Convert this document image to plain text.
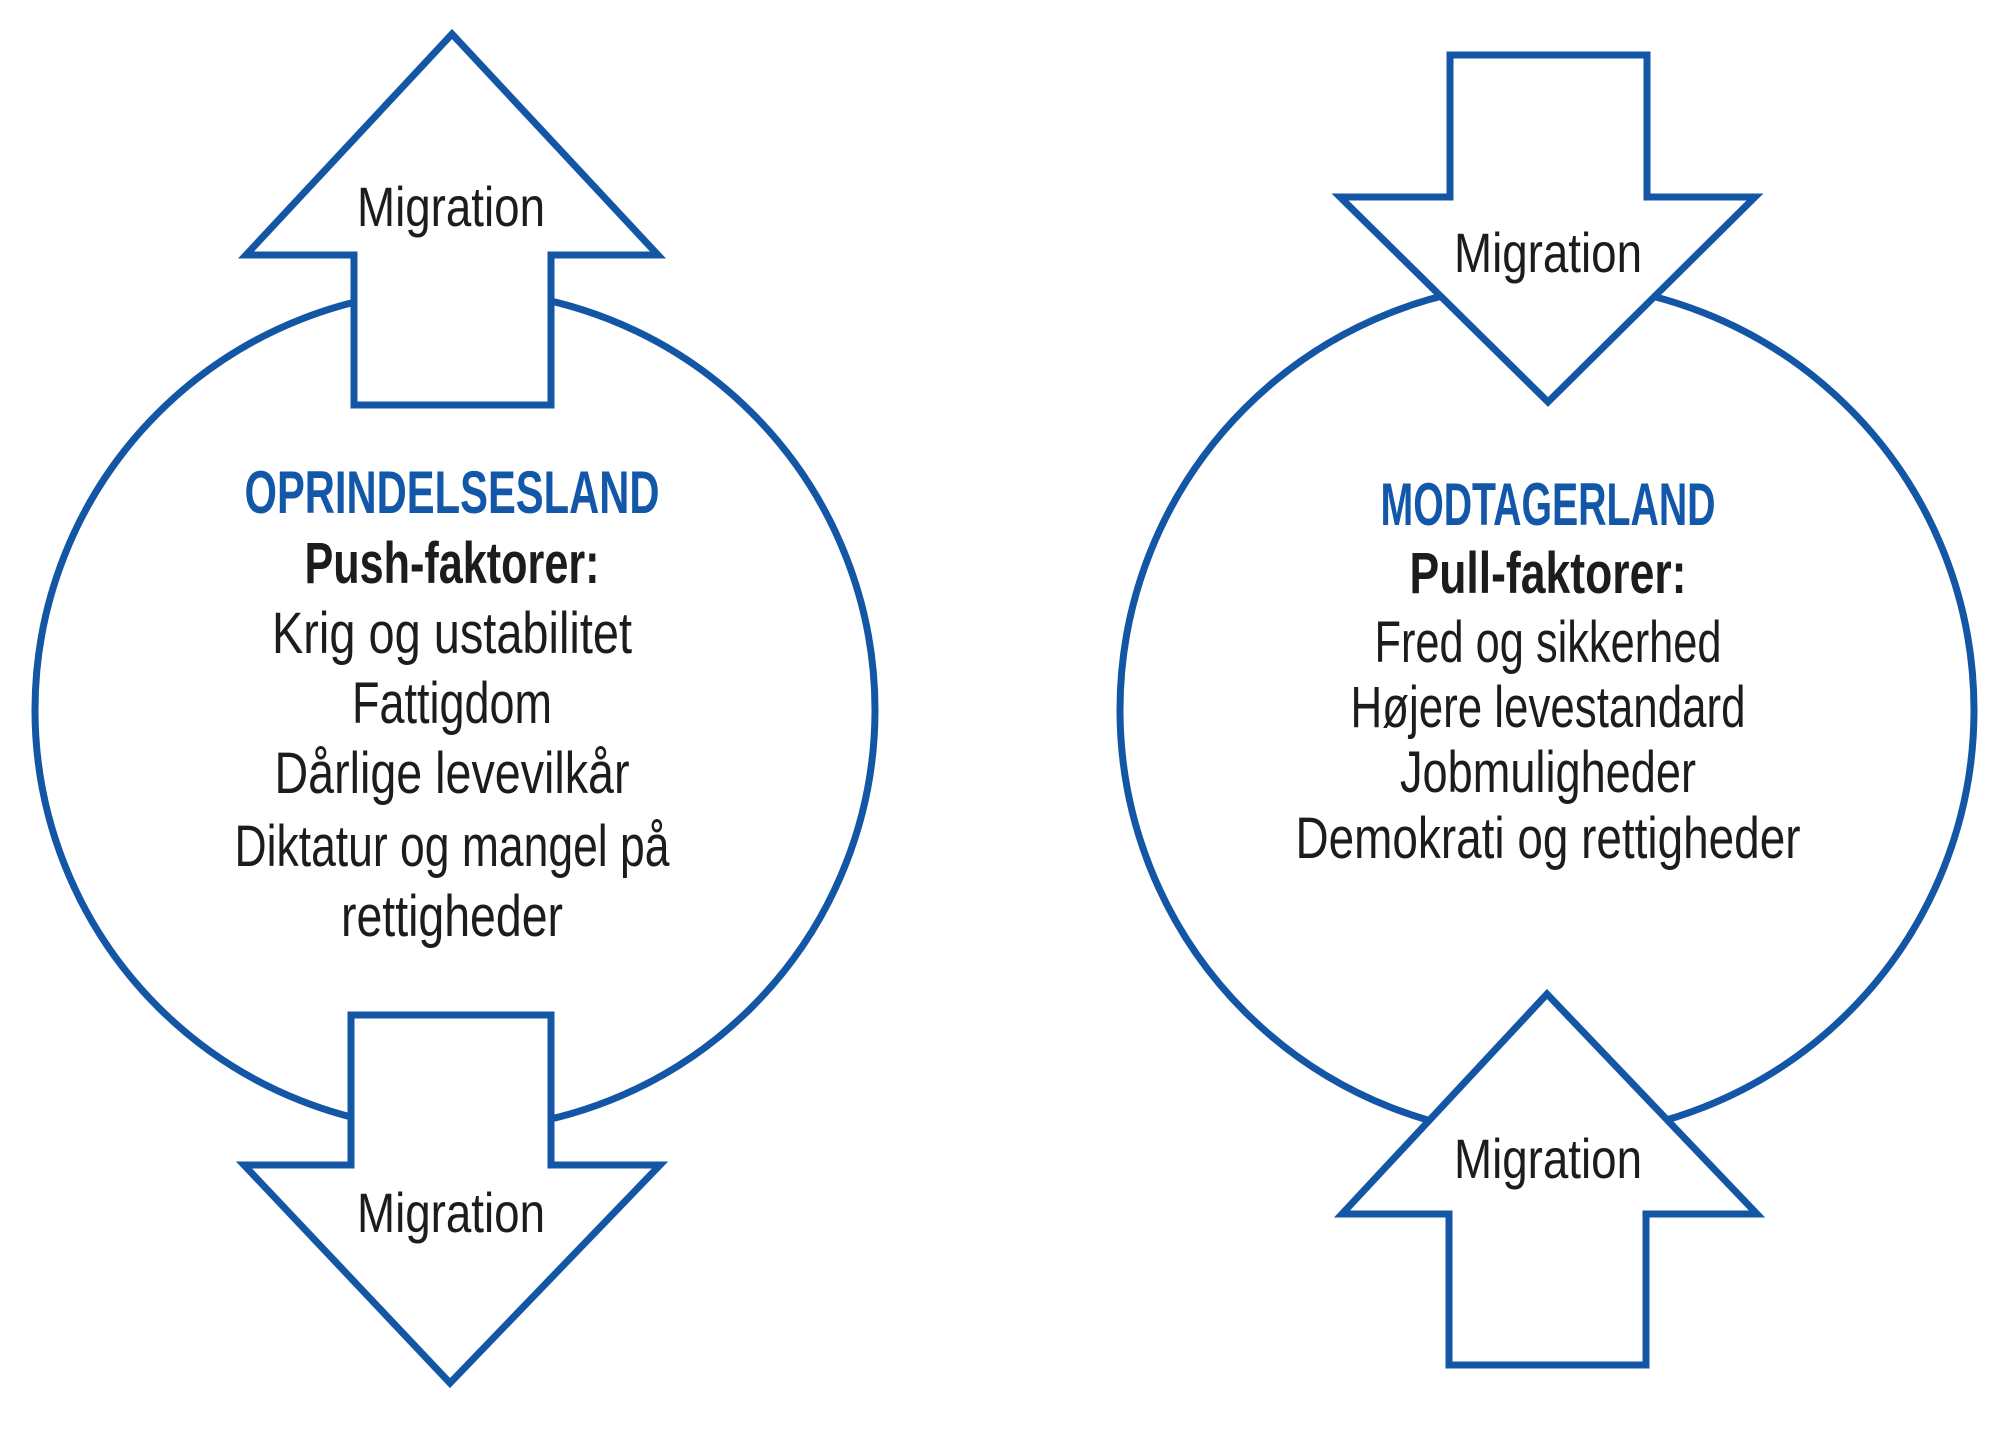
Migration
Migration
OPRINDELSESLAND
Push-faktorer:
Krig og ustabilitet
Fattigdom
Dårlige levevilkår
Diktatur og mangel på
rettigheder
Migration
Migration
MODTAGERLAND
Pull-faktorer:
Fred og sikkerhed
Højere levestandard
Jobmuligheder
Demokrati og rettigheder
